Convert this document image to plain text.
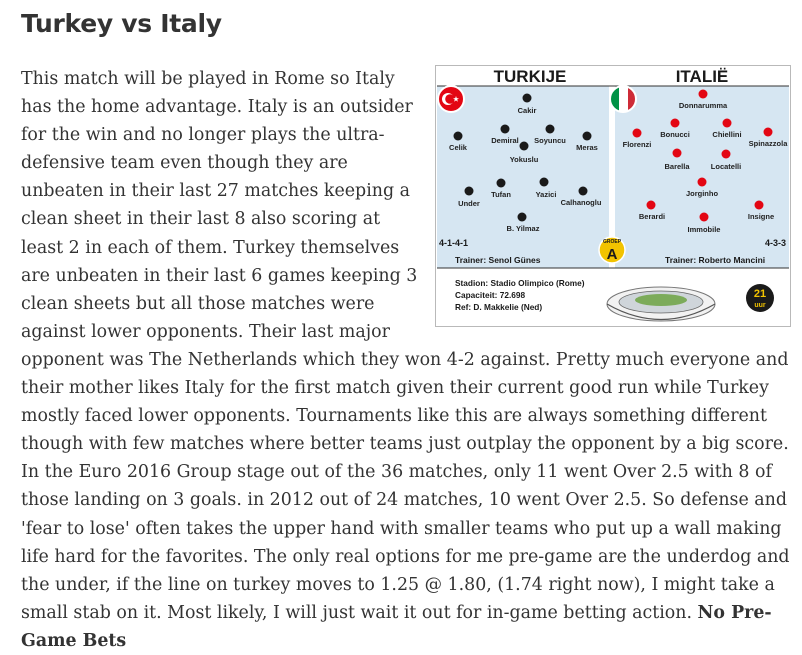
Turkey vs Italy
TURKIJE	ITALIË
Cakir
Celik
Demiral Soyuncu
Meras
Yokuslu
Under
Tufan	Yazici
Calhanoglu
B. Yilmaz
Donnarumma
Florenzi
Bonucci	Chiellini
Spinazzola
Barella	Locatelli
Jorginho
Berardi	Insigne
Immobile
4-1-4-1	4-3-3
GROEP
A
Trainer: Senol Günes	Trainer: Roberto Mancini
Stadion: Stadio Olimpico (Rome)
Capaciteit: 72.698
Ref: D. Makkelie (Ned)
21
uur

This match will be played in Rome so Italy has the home advantage. Italy is an outsider for the win and no longer plays the ultra-defensive team even though they are unbeaten in their last 27 matches keeping a clean sheet in their last 8 also scoring at least 2 in each of them. Turkey themselves are unbeaten in their last 6 games keeping 3 clean sheets but all those matches were against lower opponents. Their last major opponent was The Netherlands which they won 4-2 against. Pretty much everyone and their mother likes Italy for the first match given their current good run while Turkey mostly faced lower opponents. Tournaments like this are always something different though with few matches where better teams just outplay the opponent by a big score. In the Euro 2016 Group stage out of the 36 matches, only 11 went Over 2.5 with 8 of those landing on 3 goals. in 2012 out of 24 matches, 10 went Over 2.5. So defense and 'fear to lose' often takes the upper hand with smaller teams who put up a wall making life hard for the favorites. The only real options for me pre-game are the underdog and the under, if the line on turkey moves to 1.25 @ 1.80, (1.74 right now), I might take a small stab on it. Most likely, I will just wait it out for in-game betting action. No Pre-Game Bets
